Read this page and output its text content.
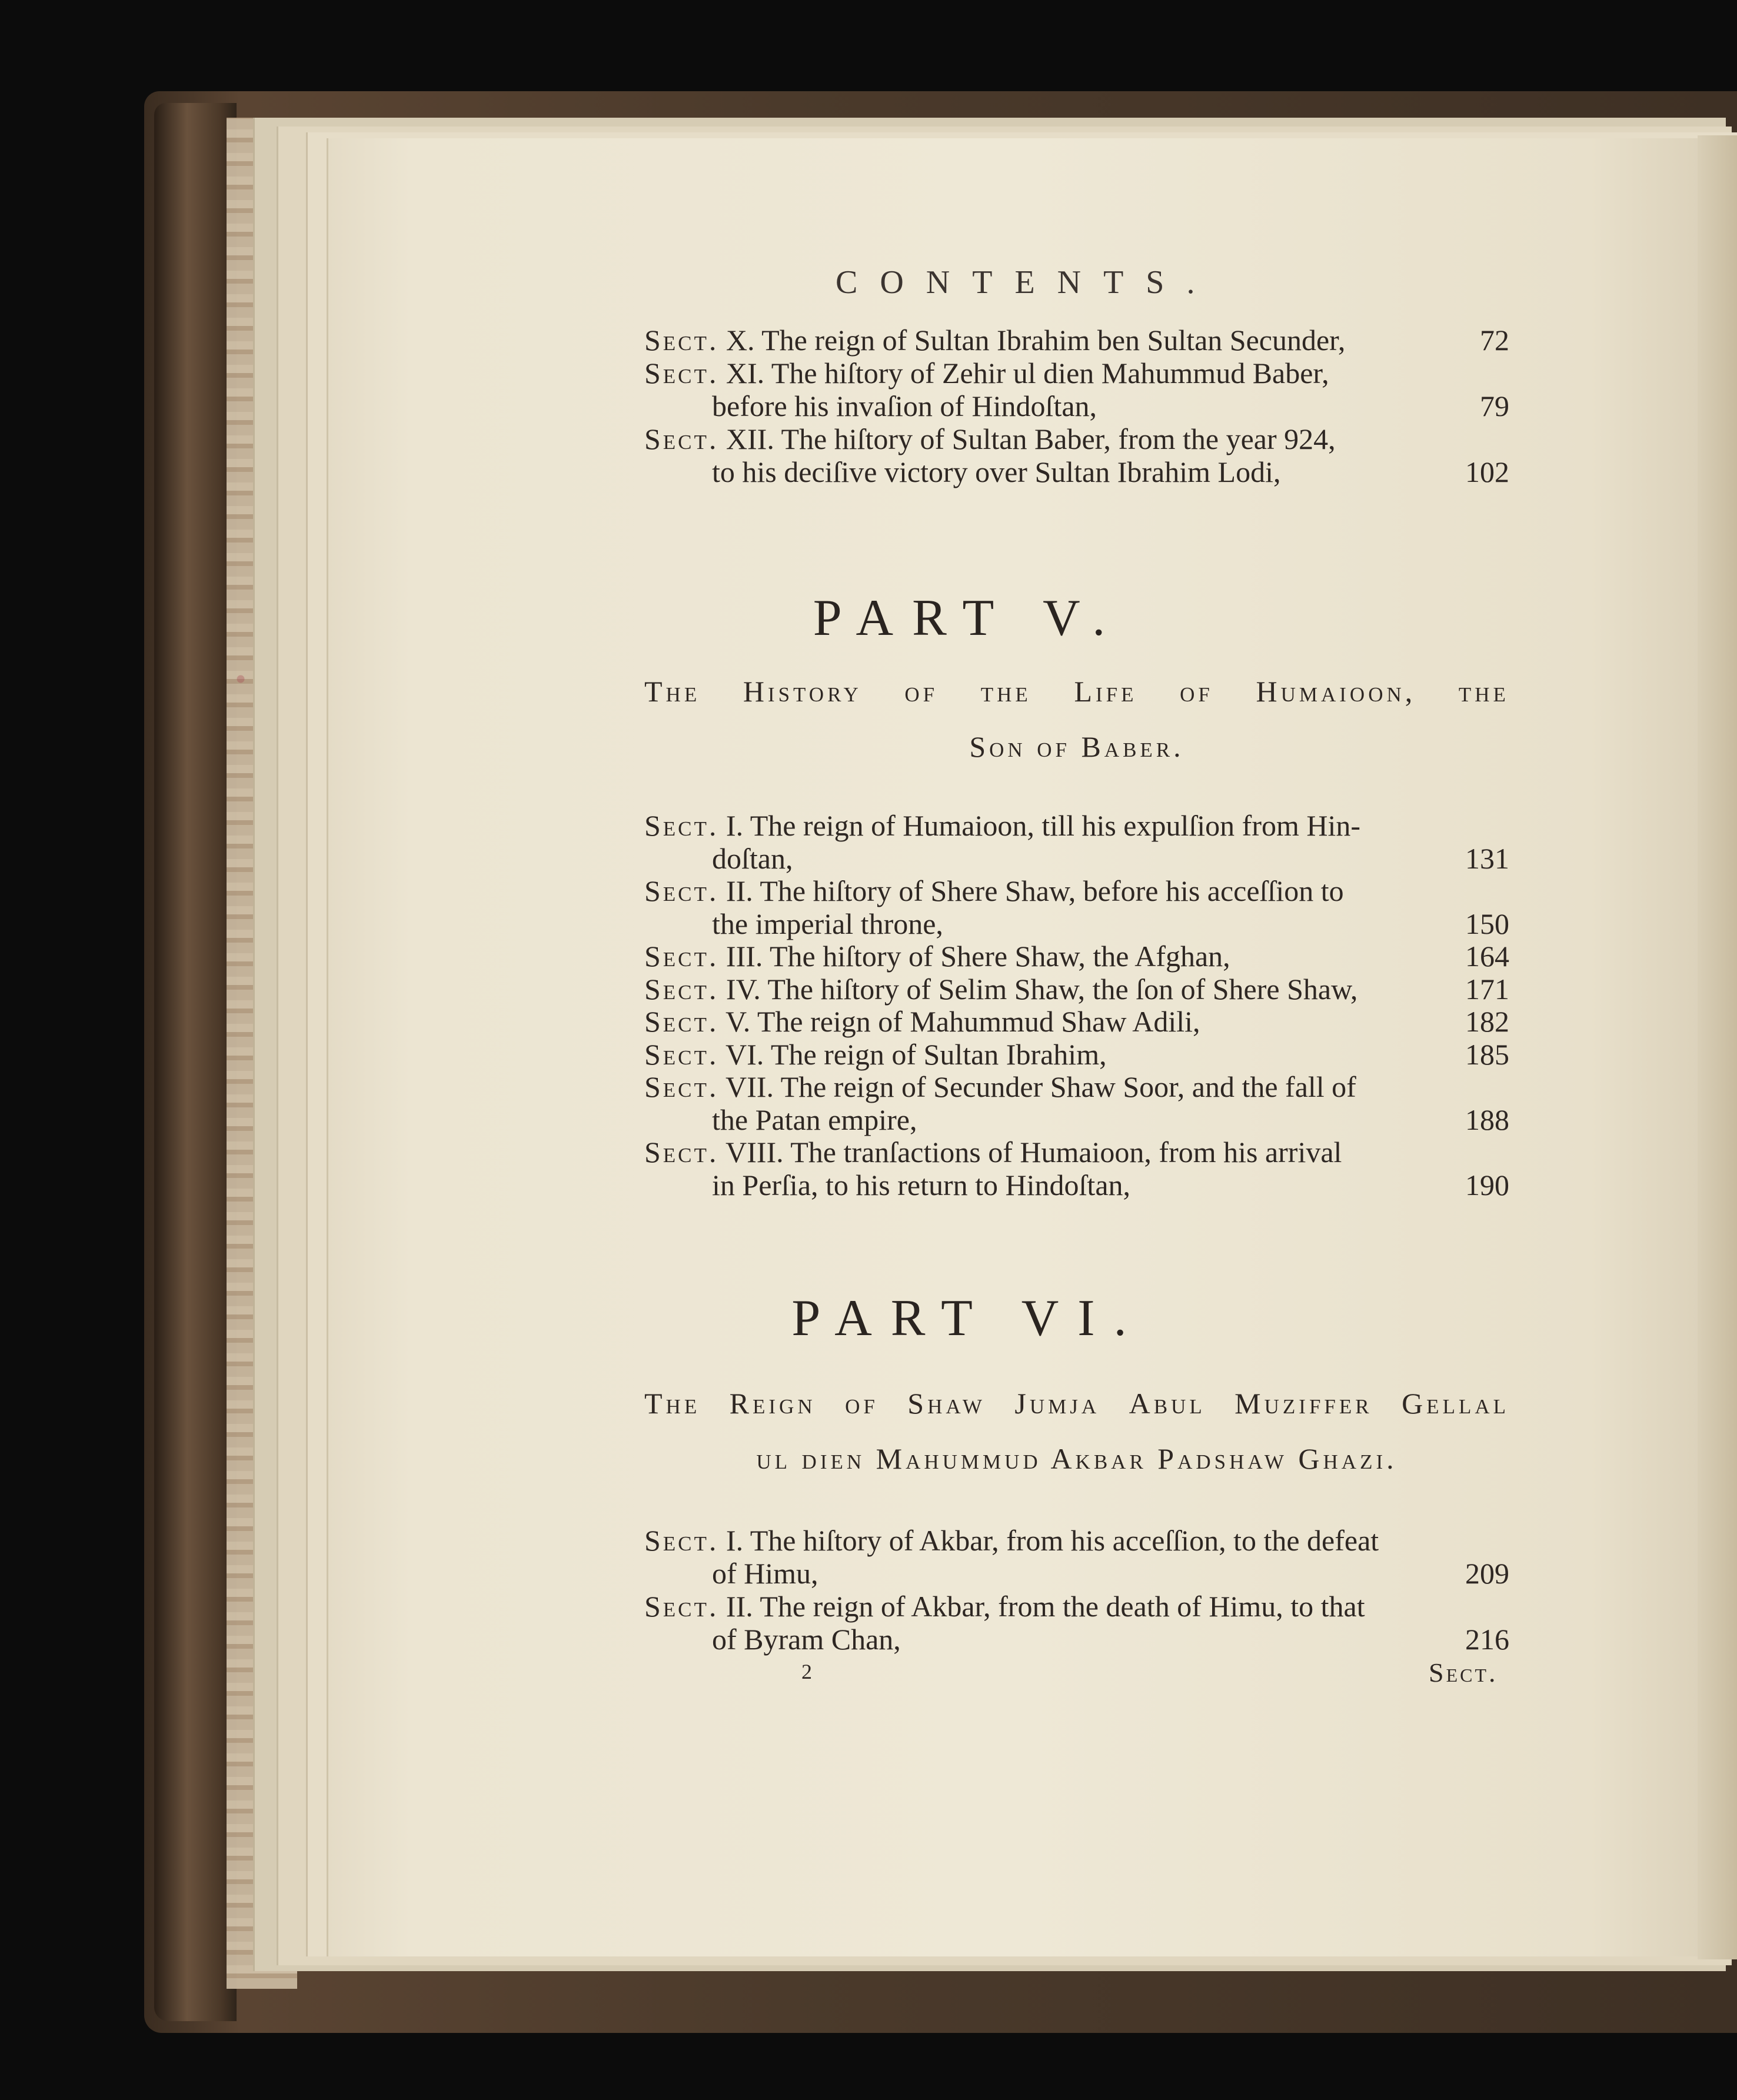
CONTENTS.
Sect. X. The reign of Sultan Ibrahim ben Sultan Secunder,	72
Sect. XI. The hiſtory of Zehir ul dien Mahummud Baber,
before his invaſion of Hindoſtan,	79
Sect. XII. The hiſtory of Sultan Baber, from the year 924,
to his deciſive victory over Sultan Ibrahim Lodi,	102
PART V.
The History of the Life of Humaioon, the
Son of Baber.
Sect. I. The reign of Humaioon, till his expulſion from Hin-
doſtan,	131
Sect. II. The hiſtory of Shere Shaw, before his acceſſion to
the imperial throne,	150
Sect. III. The hiſtory of Shere Shaw, the Afghan,	164
Sect. IV. The hiſtory of Selim Shaw, the ſon of Shere Shaw,	171
Sect. V. The reign of Mahummud Shaw Adili,	182
Sect. VI. The reign of Sultan Ibrahim,	185
Sect. VII. The reign of Secunder Shaw Soor, and the fall of
the Patan empire,	188
Sect. VIII. The tranſactions of Humaioon, from his arrival
in Perſia, to his return to Hindoſtan,	190
PART VI.
The Reign of Shaw Jumja Abul Muziffer Gellal
ul dien Mahummud Akbar Padshaw Ghazi.
Sect. I. The hiſtory of Akbar, from his acceſſion, to the defeat
of Himu,	209
Sect. II. The reign of Akbar, from the death of Himu, to that
of Byram Chan,	216
2	Sect.
